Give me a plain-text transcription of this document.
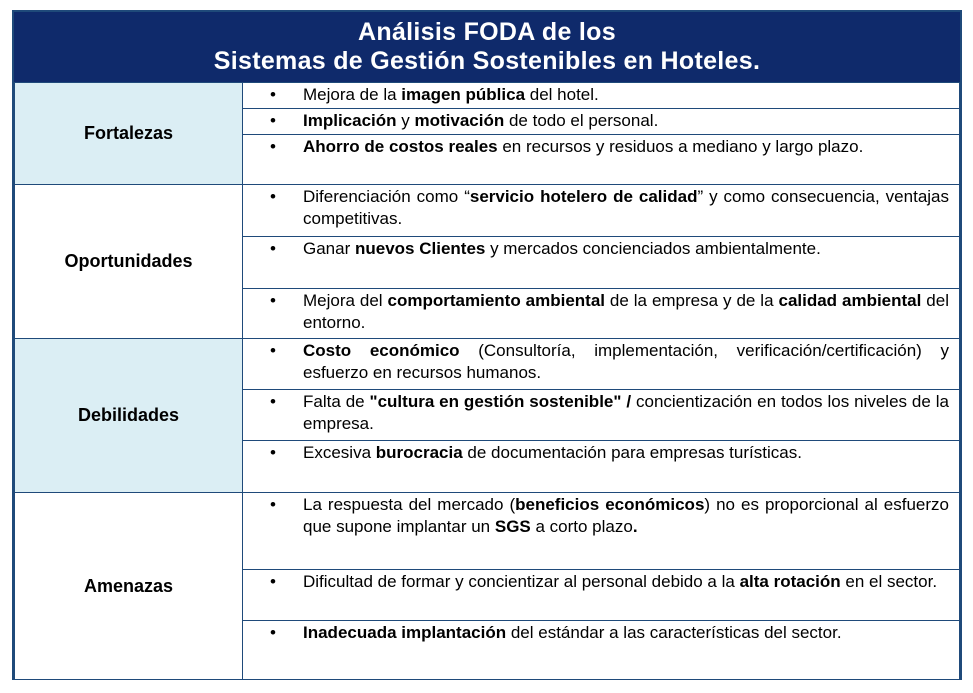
Análisis FODA de los
Sistemas de Gestión Sostenibles en Hoteles.
Fortalezas	• Mejora de la imagen pública del hotel.

	• Implicación y motivación de todo el personal.

	• Ahorro de costos reales en recursos y residuos a mediano y largo plazo.

Oportunidades	• Diferenciación como “servicio hotelero de calidad” y como consecuencia, ventajas competitivas.

	• Ganar nuevos Clientes y mercados concienciados ambientalmente.

	• Mejora del comportamiento ambiental de la empresa y de la calidad ambiental del entorno.

Debilidades	• Costo económico (Consultoría, implementación, verificación/certificación) y esfuerzo en recursos humanos.

	• Falta de "cultura en gestión sostenible" / concientización en todos los niveles de la empresa.

	• Excesiva burocracia de documentación para empresas turísticas.

Amenazas	• La respuesta del mercado (beneficios económicos) no es proporcional al esfuerzo que supone implantar un SGS a corto plazo.

	• Dificultad de formar y concientizar al personal debido a la alta rotación en el sector.

	• Inadecuada implantación del estándar a las características del sector.
